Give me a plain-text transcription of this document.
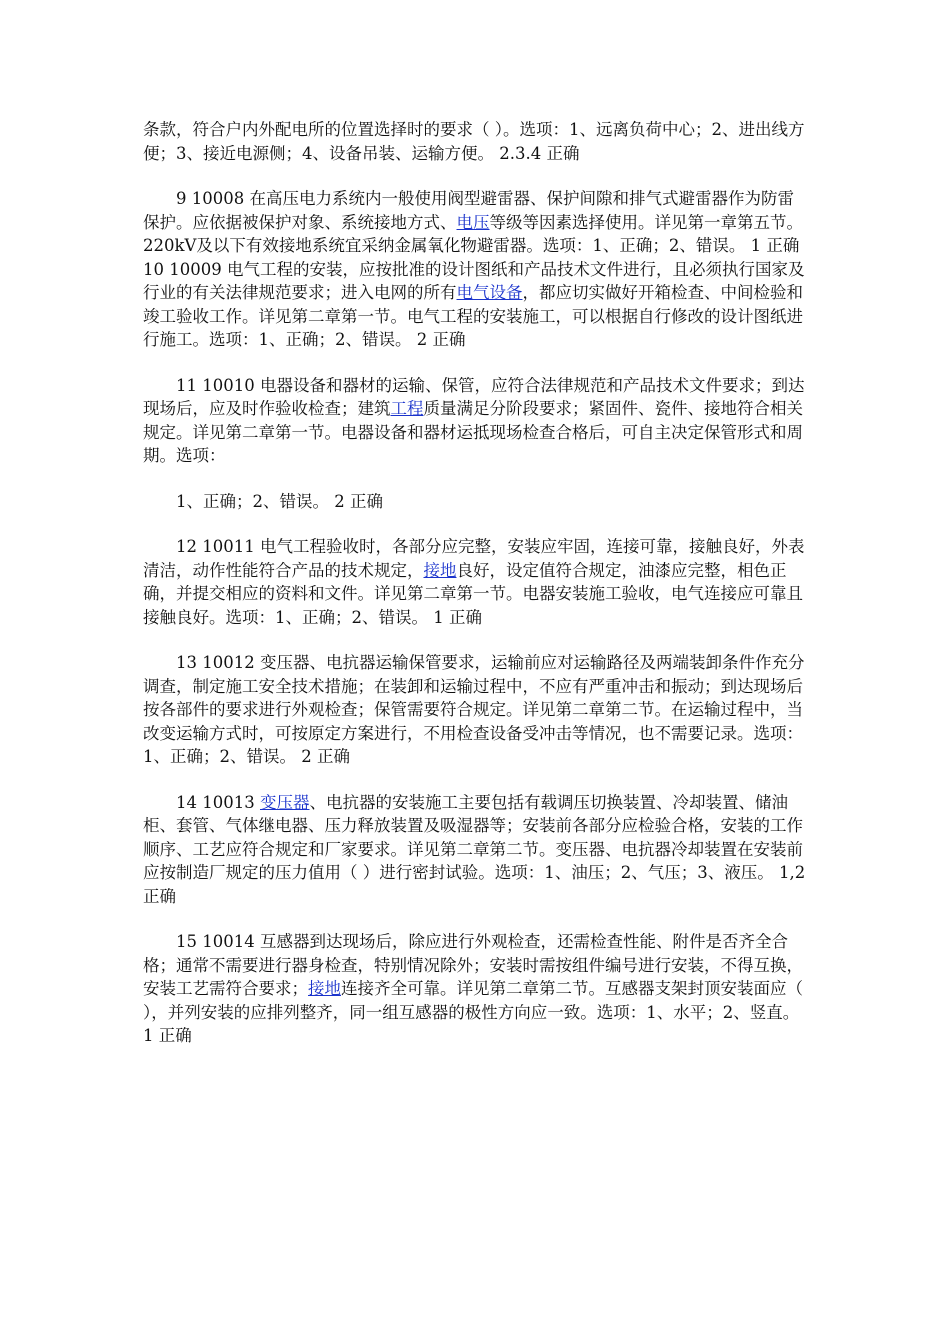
条款，符合户内外配电所的位置选择时的要求（ ）。选项：1、远离负荷中心；2、进出线方便；3、接近电源侧；4、设备吊装、运输方便。 2.3.4 正确

9 10008 在高压电力系统内一般使用阀型避雷器、保护间隙和排气式避雷器作为防雷保护。应依据被保护对象、系统接地方式、电压等级等因素选择使用。详见第一章第五节。220kV及以下有效接地系统宜采纳金属氧化物避雷器。选项：1、正确；2、错误。 1 正确 10 10009 电气工程的安装，应按批准的设计图纸和产品技术文件进行，且必须执行国家及行业的有关法律规范要求；进入电网的所有电气设备，都应切实做好开箱检查、中间检验和竣工验收工作。详见第二章第一节。电气工程的安装施工，可以根据自行修改的设计图纸进行施工。选项：1、正确；2、错误。 2 正确

11 10010 电器设备和器材的运输、保管，应符合法律规范和产品技术文件要求；到达现场后，应及时作验收检查；建筑工程质量满足分阶段要求；紧固件、瓷件、接地符合相关规定。详见第二章第一节。电器设备和器材运抵现场检查合格后，可自主决定保管形式和周期。选项：

1、正确；2、错误。 2 正确

12 10011 电气工程验收时，各部分应完整，安装应牢固，连接可靠，接触良好，外表清洁，动作性能符合产品的技术规定，接地良好，设定值符合规定，油漆应完整，相色正确，并提交相应的资料和文件。详见第二章第一节。电器安装施工验收，电气连接应可靠且接触良好。选项：1、正确；2、错误。 1 正确

13 10012 变压器、电抗器运输保管要求，运输前应对运输路径及两端装卸条件作充分调查，制定施工安全技术措施；在装卸和运输过程中，不应有严重冲击和振动；到达现场后按各部件的要求进行外观检查；保管需要符合规定。详见第二章第二节。在运输过程中，当改变运输方式时，可按原定方案进行，不用检查设备受冲击等情况，也不需要记录。选项：1、正确；2、错误。 2 正确

14 10013 变压器、电抗器的安装施工主要包括有载调压切换装置、冷却装置、储油柜、套管、气体继电器、压力释放装置及吸湿器等；安装前各部分应检验合格，安装的工作顺序、工艺应符合规定和厂家要求。详见第二章第二节。变压器、电抗器冷却装置在安装前应按制造厂规定的压力值用（ ）进行密封试验。选项：1、油压；2、气压；3、液压。 1,2 正确

15 10014 互感器到达现场后，除应进行外观检查，还需检查性能、附件是否齐全合格；通常不需要进行器身检查，特别情况除外；安装时需按组件编号进行安装，不得互换，安装工艺需符合要求；接地连接齐全可靠。详见第二章第二节。互感器支架封顶安装面应（ ），并列安装的应排列整齐，同一组互感器的极性方向应一致。选项：1、水平；2、竖直。 1 正确
